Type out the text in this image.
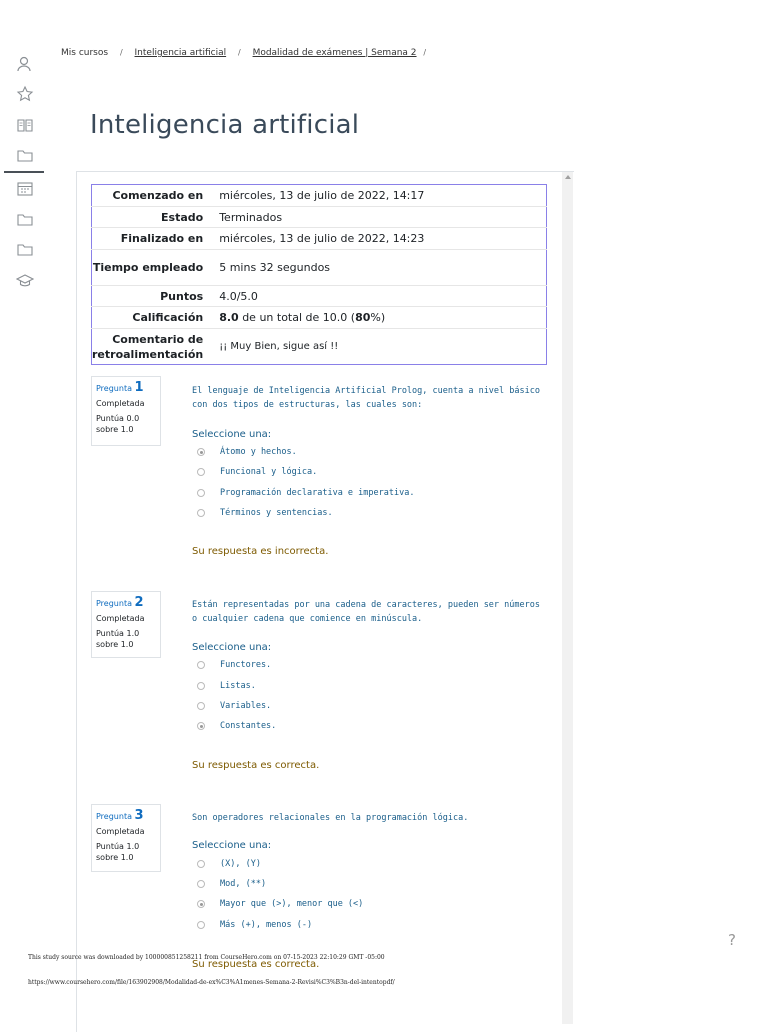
Mis cursos / Inteligencia artificial / Modalidad de exámenes | Semana 2 /
Inteligencia artificial
Comenzado en	miércoles, 13 de julio de 2022, 14:17
Estado	Terminados
Finalizado en	miércoles, 13 de julio de 2022, 14:23
Tiempo empleado	5 mins 32 segundos
Puntos	4.0/5.0
Calificación	8.0 de un total de 10.0 (80%)
Comentario de retroalimentación	¡¡ Muy Bien, sigue así !!
Pregunta 1
Completada
Puntúa 0.0
sobre 1.0
El lenguaje de Inteligencia Artificial Prolog, cuenta a nivel básico con dos tipos de estructuras, las cuales son:
Seleccione una:
Átomo y hechos.
Funcional y lógica.
Programación declarativa e imperativa.
Términos y sentencias.
Su respuesta es incorrecta.
Pregunta 2
Completada
Puntúa 1.0
sobre 1.0
Están representadas por una cadena de caracteres, pueden ser números o cualquier cadena que comience en minúscula.
Seleccione una:
Functores.
Listas.
Variables.
Constantes.
Su respuesta es correcta.
Pregunta 3
Completada
Puntúa 1.0
sobre 1.0
Son operadores relacionales en la programación lógica.
Seleccione una:
(X), (Y)
Mod, (**)
Mayor que (>), menor que (<)
Más (+), menos (-)
Su respuesta es correcta.
?
This study source was downloaded by 100000851258211 from CourseHero.com on 07-15-2023 22:10:29 GMT -05:00
https://www.coursehero.com/file/163902908/Modalidad-de-ex%C3%A1menes-Semana-2-Revisi%C3%B3n-del-intentopdf/
